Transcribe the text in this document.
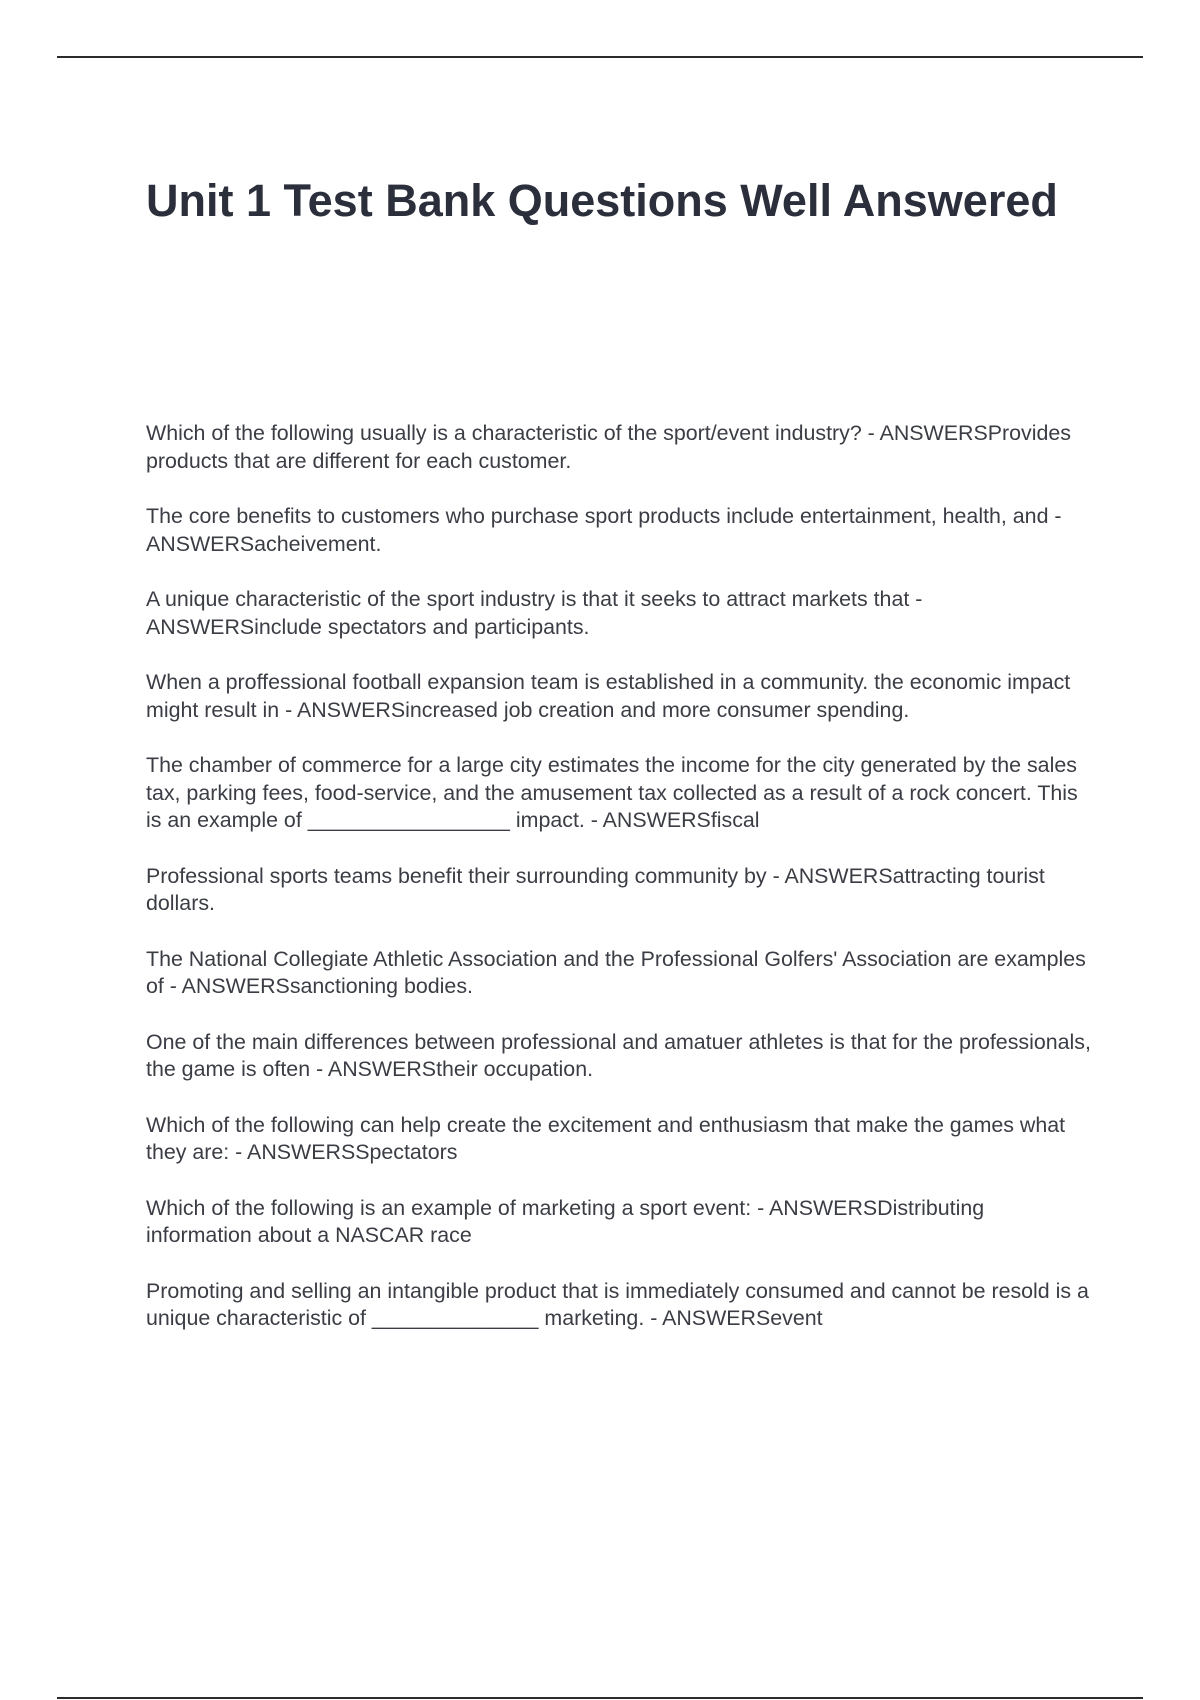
Unit 1 Test Bank Questions Well Answered
Which of the following usually is a characteristic of the sport/event industry? - ANSWERSProvides products that are different for each customer.
The core benefits to customers who purchase sport products include entertainment, health, and - ANSWERSacheivement.
A unique characteristic of the sport industry is that it seeks to attract markets that - ANSWERSinclude spectators and participants.
When a proffessional football expansion team is established in a community. the economic impact might result in - ANSWERSincreased job creation and more consumer spending.
The chamber of commerce for a large city estimates the income for the city generated by the sales tax, parking fees, food-service, and the amusement tax collected as a result of a rock concert. This is an example of _________________ impact. - ANSWERSfiscal
Professional sports teams benefit their surrounding community by - ANSWERSattracting tourist dollars.
The National Collegiate Athletic Association and the Professional Golfers' Association are examples of - ANSWERSsanctioning bodies.
One of the main differences between professional and amatuer athletes is that for the professionals, the game is often - ANSWERStheir occupation.
Which of the following can help create the excitement and enthusiasm that make the games what they are: - ANSWERSSpectators
Which of the following is an example of marketing a sport event: - ANSWERSDistributing information about a NASCAR race
Promoting and selling an intangible product that is immediately consumed and cannot be resold is a unique characteristic of ______________ marketing. - ANSWERSevent
